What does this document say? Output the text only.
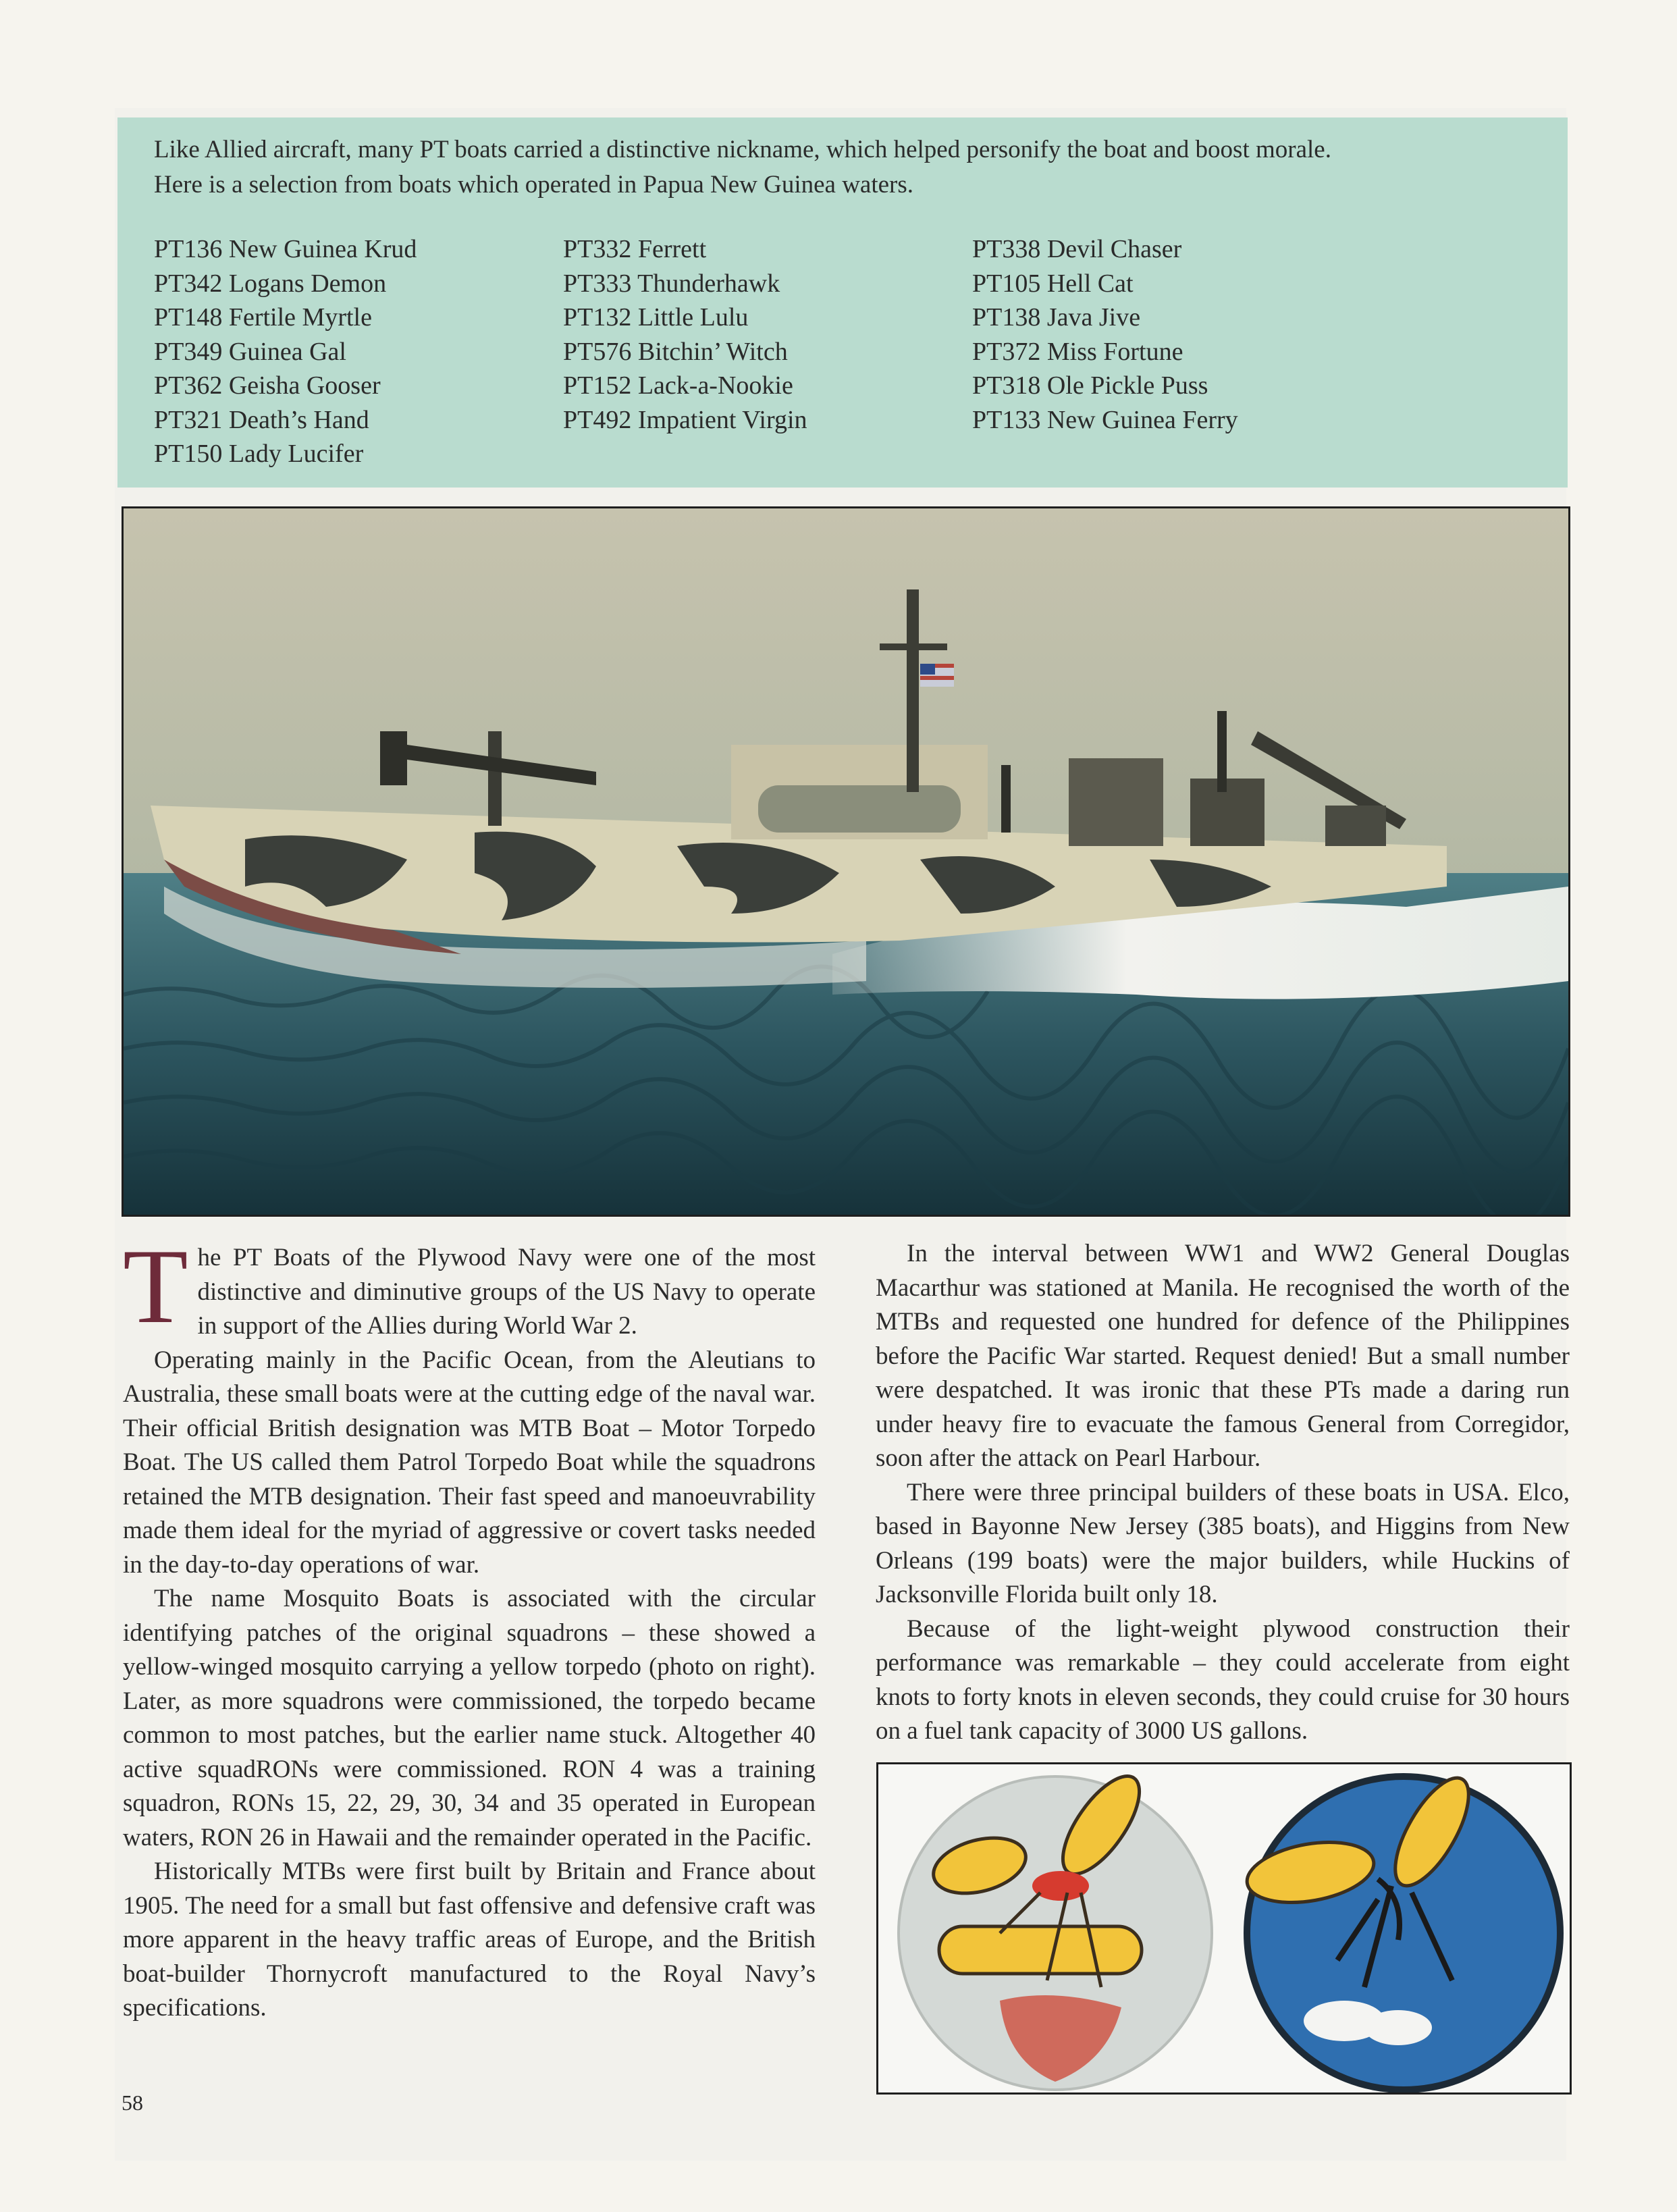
Like Allied aircraft, many PT boats carried a distinctive nickname, which helped personify the boat and boost morale.
Here is a selection from boats which operated in Papua New Guinea waters.

PT136 New Guinea Krud
PT342 Logans Demon
PT148 Fertile Myrtle
PT349 Guinea Gal
PT362 Geisha Gooser
PT321 Death’s Hand
PT150 Lady Lucifer
PT332 Ferrett
PT333 Thunderhawk
PT132 Little Lulu
PT576 Bitchin’ Witch
PT152 Lack-a-Nookie
PT492 Impatient Virgin
PT338 Devil Chaser
PT105 Hell Cat
PT138 Java Jive
PT372 Miss Fortune
PT318 Ole Pickle Puss
PT133 New Guinea Ferry

The PT Boats of the Plywood Navy were one of the most distinctive and diminutive groups of the US Navy to operate in support of the Allies during World War 2.

Operating mainly in the Pacific Ocean, from the Aleutians to Australia, these small boats were at the cutting edge of the naval war. Their official British designation was MTB Boat – Motor Torpedo Boat. The US called them Patrol Torpedo Boat while the squadrons retained the MTB designation. Their fast speed and manoeuvrability made them ideal for the myriad of aggressive or covert tasks needed in the day-to-day operations of war.

The name Mosquito Boats is associated with the circular identifying patches of the original squadrons – these showed a yellow-winged mosquito carrying a yellow torpedo (photo on right). Later, as more squadrons were commissioned, the torpedo became common to most patches, but the earlier name stuck. Altogether 40 active squadRONs were commissioned. RON 4 was a training squadron, RONs 15, 22, 29, 30, 34 and 35 operated in European waters, RON 26 in Hawaii and the remainder operated in the Pacific.

Historically MTBs were first built by Britain and France about 1905. The need for a small but fast offensive and defensive craft was more apparent in the heavy traffic areas of Europe, and the British boat-builder Thornycroft manufactured to the Royal Navy’s specifications.

In the interval between WW1 and WW2 General Douglas Macarthur was stationed at Manila. He recognised the worth of the MTBs and requested one hundred for defence of the Philippines before the Pacific War started. Request denied! But a small number were despatched. It was ironic that these PTs made a daring run under heavy fire to evacuate the famous General from Corregidor, soon after the attack on Pearl Harbour.

There were three principal builders of these boats in USA. Elco, based in Bayonne New Jersey (385 boats), and Higgins from New Orleans (199 boats) were the major builders, while Huckins of Jacksonville Florida built only 18.

Because of the light-weight plywood construction their performance was remarkable – they could accelerate from eight knots to forty knots in eleven seconds, they could cruise for 30 hours on a fuel tank capacity of 3000 US gallons.

58
